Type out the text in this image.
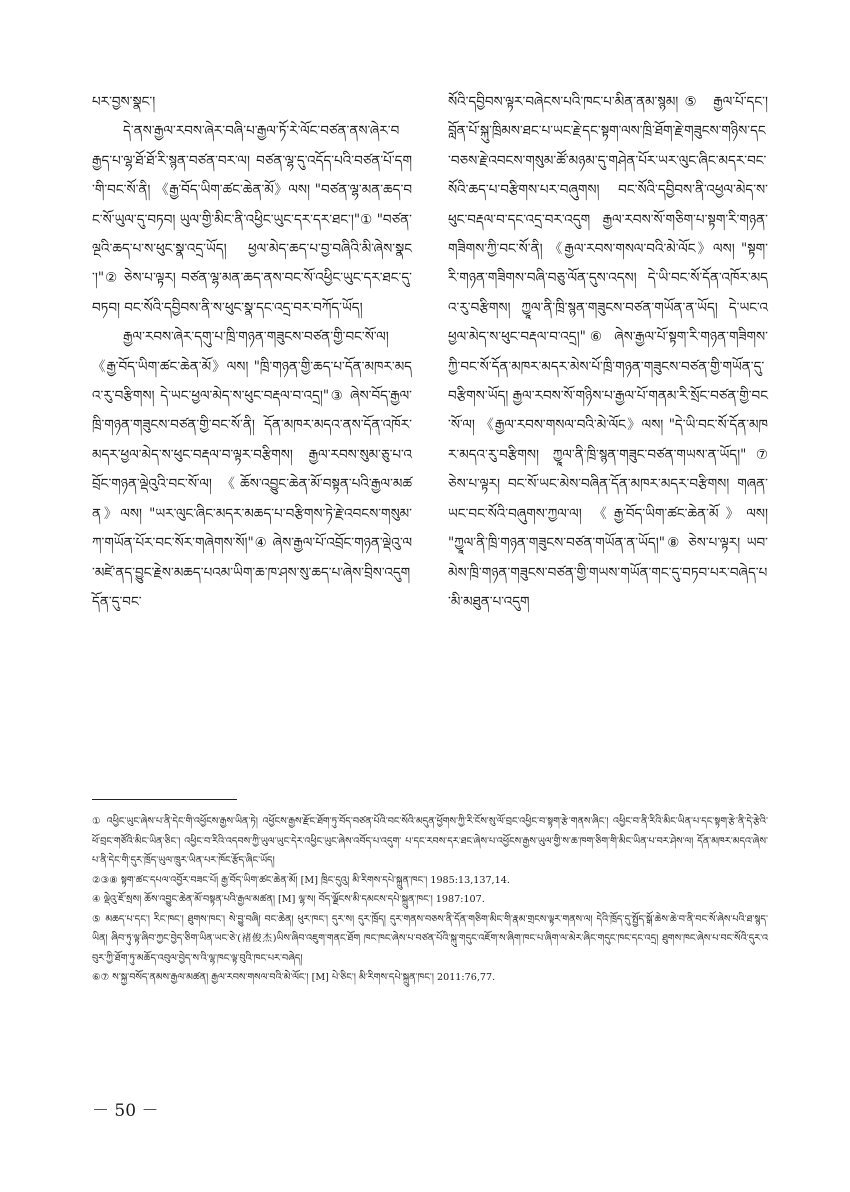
པར་བྱས་སྣང་།

དེ་ནས་རྒྱལ་རབས་ཞེར་བཞི་པ་རྒྱལ་ཏོ་རེ་ལོང་བཙན་ནས་ཞེར་བརྒྱད་པ་ལྷ་ཐོ་ཐོ་རི་སྙན་བཙན་བར་ལ། བཙན་ལྷ་དུ་འདོད་པའི་བཙན་པོ་དག་གི་བང་སོ་ནི། 《རྒྱ་བོད་ཡིག་ཚང་ཆེན་མོ》ལས། "བཙན་ལྷ་མན་ཆད་བང་སོ་ཡུལ་དུ་བཏབ། ཡུལ་གྱི་མིང་ནི་འཕྱིང་ཡུང་དར་དར་ཐང་།"① "བཙན་ལྔའི་ཆད་པ་ས་ཕུང་སྣ་འདྲ་ཡོད། ཕྱལ་མེད་ཆད་པ་བྱ་བཞིའི་མི་ཞེས་སྣང་།"② ཅེས་པ་ལྟར། བཙན་ལྷ་མན་ཆད་ནས་བང་སོ་འཕྱིང་ཡུང་དར་ཐང་དུ་བཏབ། བང་སོའི་དབྱིབས་ནི་ས་ཕུང་སྣ་དང་འདྲ་བར་བཀོད་ཡོད།

རྒྱལ་རབས་ཞེར་དགུ་པ་ཁྲི་གཉན་གཟུངས་བཙན་གྱི་བང་སོ་ལ། 《རྒྱ་བོད་ཡིག་ཚང་ཆེན་མོ》ལས། "ཁྲི་གཉན་གྱི་ཆད་པ་དོན་མཁར་མདའ་རུ་བརྩིགས། དེ་ཡང་ཕྱལ་མེད་ས་ཕུང་བརྡལ་བ་འདྲ།"③ ཞེས་བོད་རྒྱལ་ཁྲི་གཉན་གཟུངས་བཙན་གྱི་བང་སོ་ནི། དོན་མཁར་མདའ་ནས་དོན་འཁོར་མདར་ཕྱལ་མེད་ས་ཕུང་བརྡལ་བ་ལྟར་བརྩིགས། རྒྱལ་རབས་སུམ་ཅུ་པ་འབྲོང་གཉན་ལྡེའུའི་བང་སོ་ལ། 《ཆོས་འབྱུང་ཆེན་མོ་བསྟན་པའི་རྒྱལ་མཚན》ལས། "ཡར་ལུང་ཞིང་མདར་མཆད་པ་བརྩིགས་ཏེ་རྗེ་འབངས་གསུམ་ཀ་གཡོན་པོར་བང་སོར་གཞེགས་སོ།"④ ཞེས་རྒྱལ་པོ་འབྲོང་གཉན་ལྡེའུ་ལ་མཛེ་ནད་བྱུང་རྗེས་མཆད་པའམ་ཡིག་ཆ་ཁ་ཤས་སུ་ཆད་པ་ཞེས་བྲིས་འདུག དོན་དུ་བང་

སོའི་དབྱིབས་ལྟར་བཞེངས་པའི་ཁང་པ་མིན་ནམ་སྙམ།⑤ རྒྱལ་པོ་དང་། བློན་པོ་སྐུ་ཁྲིམས་ཐང་པ་ཡང་རྗེ་དང་སྟག་ལས་ཁྲི་ཐོག་རྗེ་གཟུངས་གཉིས་དང་བཅས་རྗེ་འབངས་གསུམ་ཚོ་མཉམ་དུ་གཤེན་པོར་ཡར་ལུང་ཞིང་མདར་བང་སོའི་ཆད་པ་བརྩིགས་པར་བཞུགས། བང་སོའི་དབྱིབས་ནི་འཕྱལ་མེད་ས་ཕུང་བརྡལ་བ་དང་འདྲ་བར་འདུག རྒྱལ་རབས་སོ་གཅིག་པ་སྟག་རི་གཉན་གཟིགས་ཀྱི་བང་སོ་ནི། 《རྒྱལ་རབས་གསལ་བའི་མེ་ལོང》ལས། "སྟག་རི་གཉན་གཟིགས་བཞི་བཅུ་ལོན་དུས་འདས། དེ་ཡི་བང་སོ་དོན་འཁོར་མདའ་རུ་བརྩིགས། ཀྱཱལ་ནི་ཁྲི་སྙན་གཟུངས་བཙན་གཡོན་ན་ཡོད། དེ་ཡང་འཕྱལ་མེད་ས་ཕུང་བརྡལ་བ་འདྲ།"⑥ ཞེས་རྒྱལ་པོ་སྟག་རི་གཉན་གཟིགས་ཀྱི་བང་སོ་དོན་མཁར་མདར་མེས་པོ་ཁྲི་གཉན་གཟུངས་བཙན་གྱི་གཡོན་དུ་བརྩིགས་ཡོད། རྒྱལ་རབས་སོ་གཉིས་པ་རྒྱལ་པོ་གནམ་རི་སྲོང་བཙན་གྱི་བང་སོ་ལ། 《རྒྱལ་རབས་གསལ་བའི་མེ་ལོང》ལས། "དེ་ཡི་བང་སོ་དོན་མཁར་མདའ་རུ་བརྩིགས། ཀྱཱལ་ནི་ཁྲི་སྙན་གཟུང་བཙན་གཡས་ན་ཡོད།"⑦ ཅེས་པ་ལྟར། བང་སོ་ཡང་མེས་བཞིན་དོན་མཁར་མདར་བརྩིགས། གཞན་ཡང་བང་སོའི་བཞུགས་ཀྱལ་ལ། 《རྒྱ་བོད་ཡིག་ཚང་ཆེན་མོ》ལས། "ཀྱཱལ་ནི་ཁྲི་གཉན་གཟུངས་བཙན་གཡོན་ན་ཡོད།"⑧ ཅེས་པ་ལྟར། ཡབ་མེས་ཁྲི་གཉན་གཟུངས་བཙན་གྱི་གཡས་གཡོན་གང་དུ་བཏབ་པར་བཞེད་པ་མི་མཐུན་པ་འདུག

① འཕྱིང་ཡུང་ཞེས་པ་ནི་དེང་གི་འཕྱོངས་རྒྱས་ཡིན་ཏེ། འཕྱོངས་རྒྱས་རྫོང་ཐོག་ཏུ་བོད་བཙན་པོའི་བང་སོའི་མདུན་ཕྱོགས་ཀྱི་རི་ངོས་སུ་ལོ་བྲང་འཕྱིང་བ་སྟག་རྩེ་གནས་ཞིང་། འཕྱིང་བ་ནི་རིའི་མིང་ཡིན་པ་དང་སྟག་རྩེ་ནི་དེ་རྩེའི་ཕོ་བྲང་གཙོའི་མིང་ཡིན་ཅིང་། འཕྱིང་བ་རིའི་འདབས་ཀྱི་ཡུལ་ཡུང་དེར་འཕྱིང་ཡུང་ཞེས་འབོད་པ་འདུག་ པ་དང་རབས་དར་ཐང་ཞེས་པ་འཕྱོངས་རྒྱས་ཡུལ་གྱི་ས་ཆ་ཁག་ཅིག་གི་མིང་ཡིན་པ་བར་ཤེས་ལ། དོན་མཁར་མདའ་ཞེས་པ་ནི་དེང་གི་དུར་ཁྲོད་ཡུལ་ཁྲུར་ཡིན་པར་ཁོང་རྩོད་ཞིང་ཡོད།

②③⑧ སྟག་ཚང་དཔལ་འབྱོར་བཟང་པོ། རྒྱ་བོད་ཡིག་ཚང་ཆེན་མོ། [M] ཁྲིང་དུའུ། མི་རིགས་དཔེ་སྐྲུན་ཁང་། 1985:13,137,14.

④ ལྡེའུ་ཇོ་སྲས། ཆོས་འབྱུང་ཆེན་མོ་བསྟན་པའི་རྒྱལ་མཚན། [M] ལྷ་ས། བོད་ལྗོངས་མི་དམངས་དཔེ་སྐྲུན་ཁང་། 1987:107.

⑤ མཆད་པ་དང་། རིང་ཁང་། ཐུགས་ཁང་། སེ་བྱུ་བཞི། བང་ཆེན། ཕུར་ཁང་། དུར་ས། དུར་ཁྲོད། དུར་གནས་བཅས་ནི་དོན་གཅིག་མིང་གི་རྣམ་གྲངས་ལྟར་གནས་ལ། དེའི་ཁྲོད་དུ་སྤྱོད་སྒོ་ཆེས་ཆེ་བ་ནི་བང་སོ་ཞེས་པའི་ཐ་སྙད་ཡིན། ཞིབ་ཏུ་ལྟ་ཞིབ་ཀྱང་བྱེད་ཅིག་ཡིན་ཡང་ཅེ་(褚俊杰)ཡིས་ཞིབ་འཇུག་གནང་ཐོག ཁང་ཁང་ཞེས་པ་བཙན་པོའི་སྐུ་གདུང་འཇོག་ས་ཞིག་ཁང་པ་ཞིག་ལ་མེར་ཞིང་གདུང་ཁང་དང་འདྲ། ཐུགས་ཁང་ཞེས་པ་བང་སོའི་དུར་འབུར་ཀྱི་ཐོག་ཏུ་མཆོད་འབུལ་བྱེད་ས་འི་ལྷ་ཁང་ལྟ་བུའི་ཁང་པར་བཞེད།

⑥⑦ ས་སྐྱ་བསོད་ནམས་རྒྱལ་མཚན། རྒྱལ་རབས་གསལ་བའི་མེ་ལོང་། [M] པེ་ཅིང་། མི་རིགས་དཔེ་སྐྲུན་ཁང་། 2011:76,77.

－ 50 －
